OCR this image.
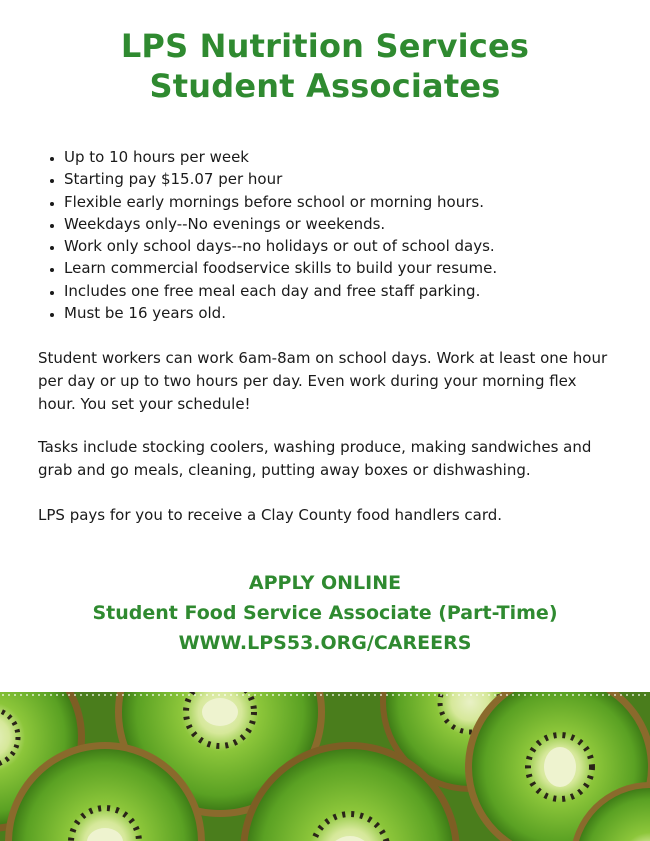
LPS Nutrition Services
Student Associates
• Up to 10 hours per week
• Starting pay $15.07 per hour
• Flexible early mornings before school or morning hours.
• Weekdays only--No evenings or weekends.
• Work only school days--no holidays or out of school days.
• Learn commercial foodservice skills to build your resume.
• Includes one free meal each day and free staff parking.
• Must be 16 years old.

Student workers can work 6am-8am on school days. Work at least one hour per day or up to two hours per day. Even work during your morning flex hour. You set your schedule!

Tasks include stocking coolers, washing produce, making sandwiches and grab and go meals, cleaning, putting away boxes or dishwashing.

LPS pays for you to receive a Clay County food handlers card.

APPLY ONLINE
Student Food Service Associate (Part-Time)
WWW.LPS53.ORG/CAREERS
